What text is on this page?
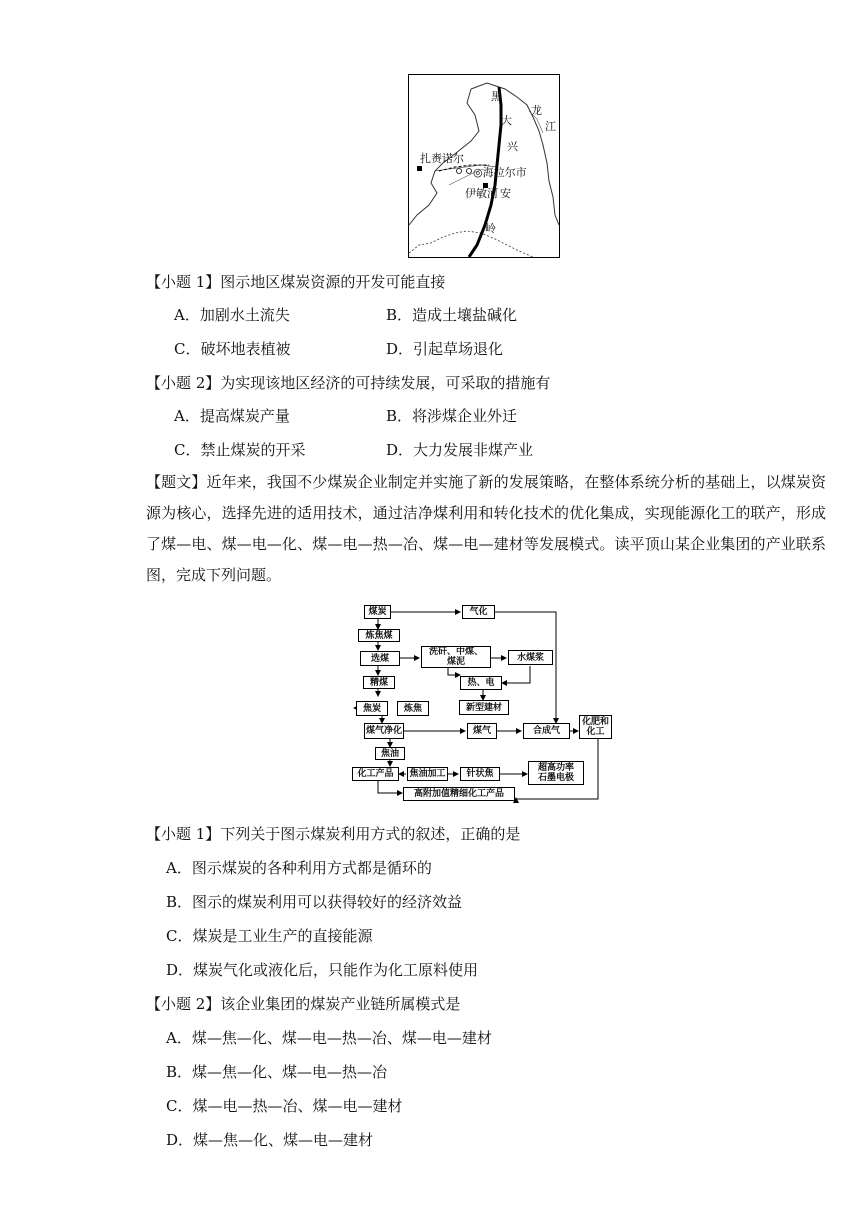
黑
龙
江
大
兴
扎赉诺尔
◎海拉尔市
伊敏河 安
岭
【小题 1】图示地区煤炭资源的开发可能直接
A．加剧水土流失	B．造成土壤盐碱化
C．破坏地表植被	D．引起草场退化
【小题 2】为实现该地区经济的可持续发展，可采取的措施有
A．提高煤炭产量	B．将涉煤企业外迁
C．禁止煤炭的开采	D．大力发展非煤产业
【题文】近年来，我国不少煤炭企业制定并实施了新的发展策略，在整体系统分析的基础上，以煤炭资源为核心，选择先进的适用技术，通过洁净煤利用和转化技术的优化集成，实现能源化工的联产，形成了煤—电、煤—电—化、煤—电—热—冶、煤—电—建材等发展模式。读平顶山某企业集团的产业联系图，完成下列问题。
煤炭	气化
炼焦煤
选煤
洗矸、中煤、
煤泥	水煤浆
热、电
精煤
新型建材
焦炭	炼焦
煤气净化	煤气	合成气
化肥和
化工
焦油
化工产品	焦油加工	针状焦
超高功率
石墨电极
高附加值精细化工产品
【小题 1】下列关于图示煤炭利用方式的叙述，正确的是
A．图示煤炭的各种利用方式都是循环的
B．图示的煤炭利用可以获得较好的经济效益
C．煤炭是工业生产的直接能源
D．煤炭气化或液化后，只能作为化工原料使用
【小题 2】该企业集团的煤炭产业链所属模式是
A．煤—焦—化、煤—电—热—冶、煤—电—建材
B．煤—焦—化、煤—电—热—冶
C．煤—电—热—冶、煤—电—建材
D．煤—焦—化、煤—电—建材
